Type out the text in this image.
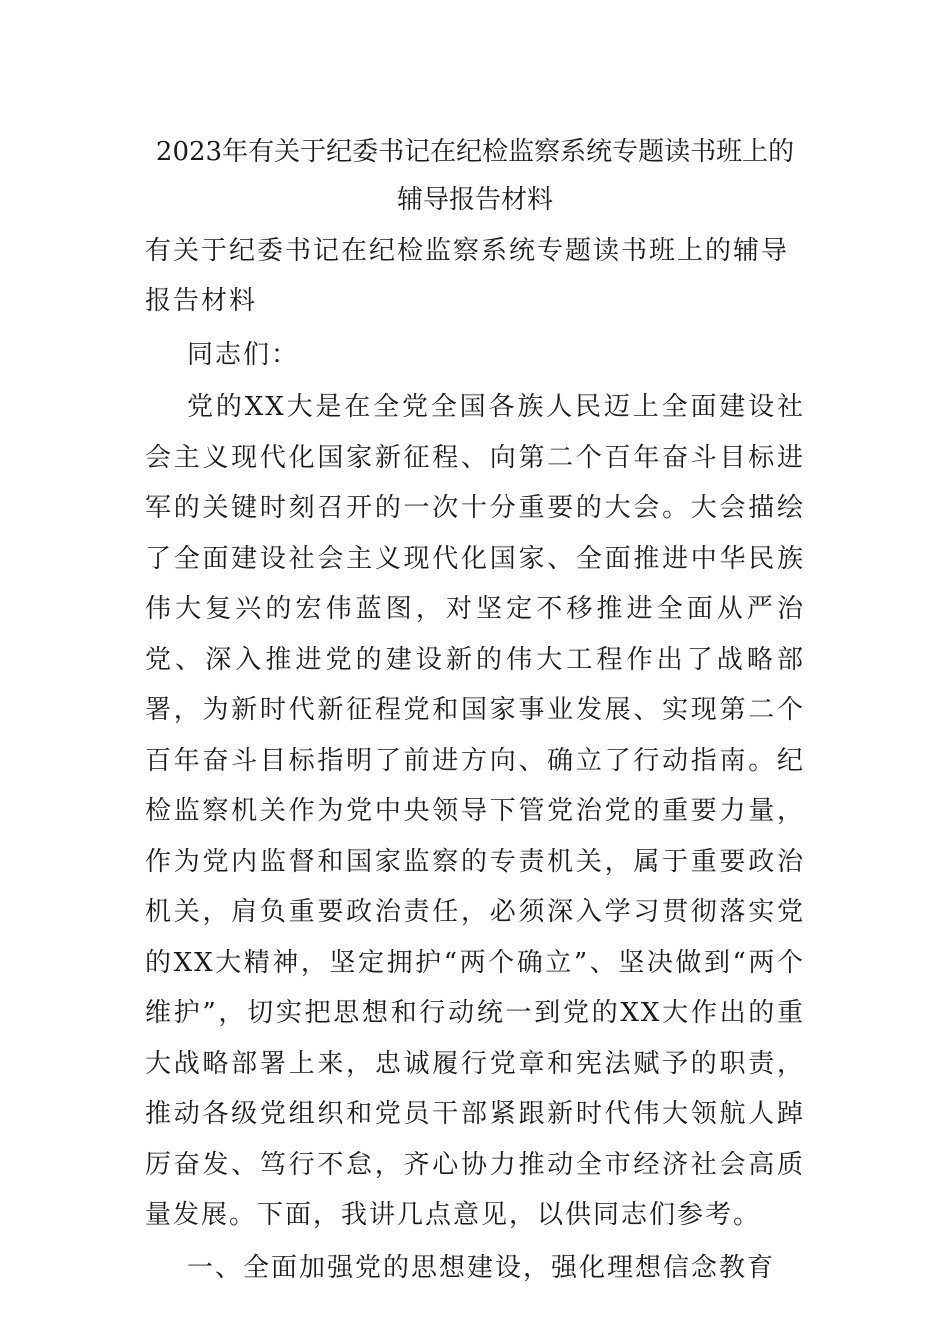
2023年有关于纪委书记在纪检监察系统专题读书班上的辅导报告材料

有关于纪委书记在纪检监察系统专题读书班上的辅导报告材料

同志们：

党的XX大是在全党全国各族人民迈上全面建设社会主义现代化国家新征程、向第二个百年奋斗目标进军的关键时刻召开的一次十分重要的大会。大会描绘了全面建设社会主义现代化国家、全面推进中华民族伟大复兴的宏伟蓝图，对坚定不移推进全面从严治党、深入推进党的建设新的伟大工程作出了战略部署，为新时代新征程党和国家事业发展、实现第二个百年奋斗目标指明了前进方向、确立了行动指南。纪检监察机关作为党中央领导下管党治党的重要力量，作为党内监督和国家监察的专责机关，属于重要政治机关，肩负重要政治责任，必须深入学习贯彻落实党的XX大精神，坚定拥护“两个确立”、坚决做到“两个维护”，切实把思想和行动统一到党的XX大作出的重大战略部署上来，忠诚履行党章和宪法赋予的职责，推动各级党组织和党员干部紧跟新时代伟大领航人踔厉奋发、笃行不怠，齐心协力推动全市经济社会高质量发展。下面，我讲几点意见，以供同志们参考。

一、全面加强党的思想建设，强化理想信念教育
